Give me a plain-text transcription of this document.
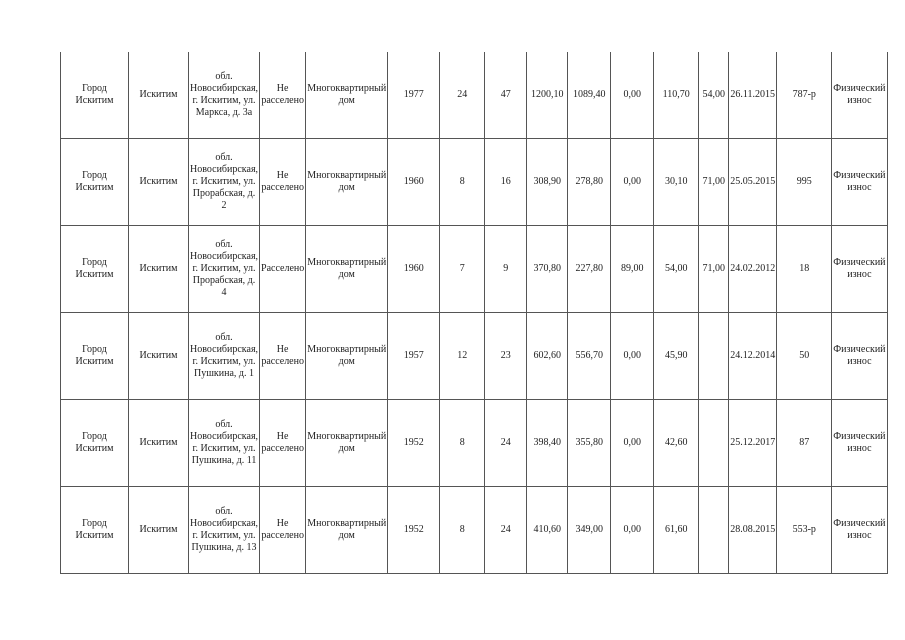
Город Искитим	Искитим	обл. Новосибирская, г. Искитим, ул. Маркса, д. 3а	Не расселено	Многоквартирный дом	1977	24	47	1200,10	1089,40	0,00	110,70	54,00	26.11.2015	787-р	Физический износ
Город Искитим	Искитим	обл. Новосибирская, г. Искитим, ул. Прорабская, д. 2	Не расселено	Многоквартирный дом	1960	8	16	308,90	278,80	0,00	30,10	71,00	25.05.2015	995	Физический износ
Город Искитим	Искитим	обл. Новосибирская, г. Искитим, ул. Прорабская, д. 4	Расселено	Многоквартирный дом	1960	7	9	370,80	227,80	89,00	54,00	71,00	24.02.2012	18	Физический износ
Город Искитим	Искитим	обл. Новосибирская, г. Искитим, ул. Пушкина, д. 1	Не расселено	Многоквартирный дом	1957	12	23	602,60	556,70	0,00	45,90		24.12.2014	50	Физический износ
Город Искитим	Искитим	обл. Новосибирская, г. Искитим, ул. Пушкина, д. 11	Не расселено	Многоквартирный дом	1952	8	24	398,40	355,80	0,00	42,60		25.12.2017	87	Физический износ
Город Искитим	Искитим	обл. Новосибирская, г. Искитим, ул. Пушкина, д. 13	Не расселено	Многоквартирный дом	1952	8	24	410,60	349,00	0,00	61,60		28.08.2015	553-р	Физический износ
